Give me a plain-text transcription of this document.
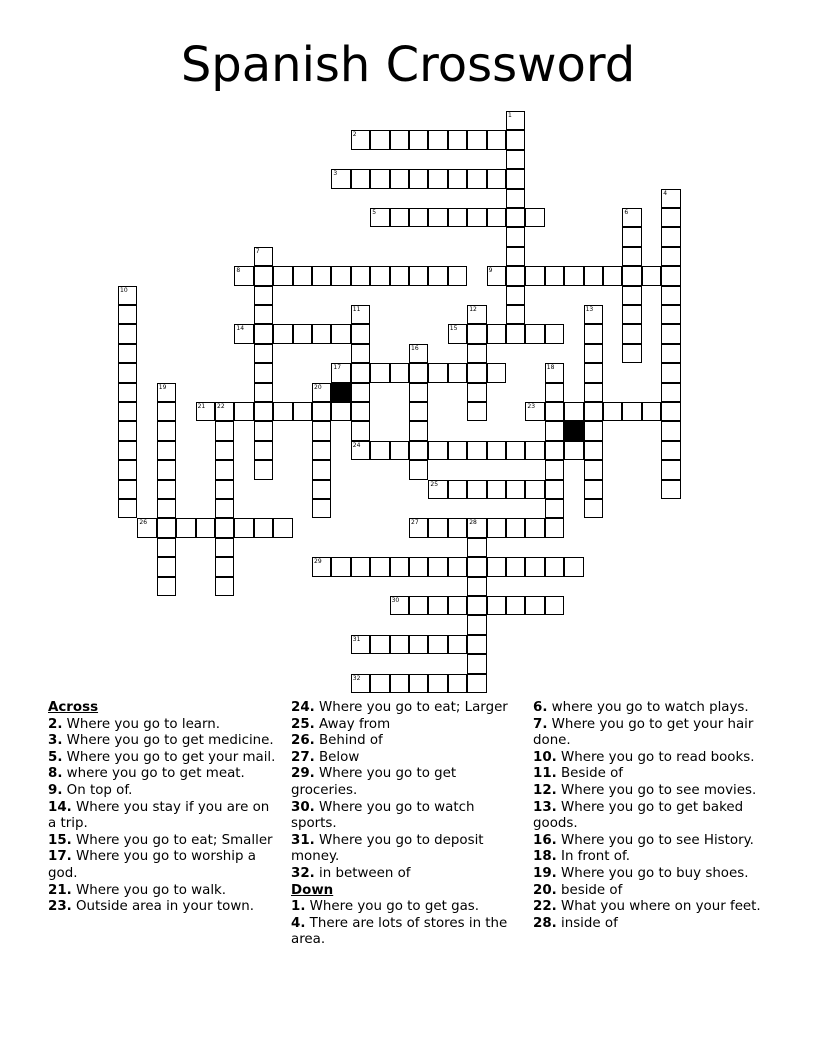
Spanish Crossword
1
2
3
4
5	6
7
8	9
10
11	12	13
14	15
16
17	18
19	20
21 22	23
24
25
26	27	28
29
30
31
32
Across
2. Where you go to learn.
3. Where you go to get medicine.
5. Where you go to get your mail.
8. where you go to get meat.
9. On top of.
14. Where you stay if you are on a trip.
15. Where you go to eat; Smaller
17. Where you go to worship a god.
21. Where you go to walk.
23. Outside area in your town.
24. Where you go to eat; Larger
25. Away from
26. Behind of
27. Below
29. Where you go to get groceries.
30. Where you go to watch sports.
31. Where you go to deposit money.
32. in between of
Down
1. Where you go to get gas.
4. There are lots of stores in the area.
6. where you go to watch plays.
7. Where you go to get your hair done.
10. Where you go to read books.
11. Beside of
12. Where you go to see movies.
13. Where you go to get baked goods.
16. Where you go to see History.
18. In front of.
19. Where you go to buy shoes.
20. beside of
22. What you where on your feet.
28. inside of
